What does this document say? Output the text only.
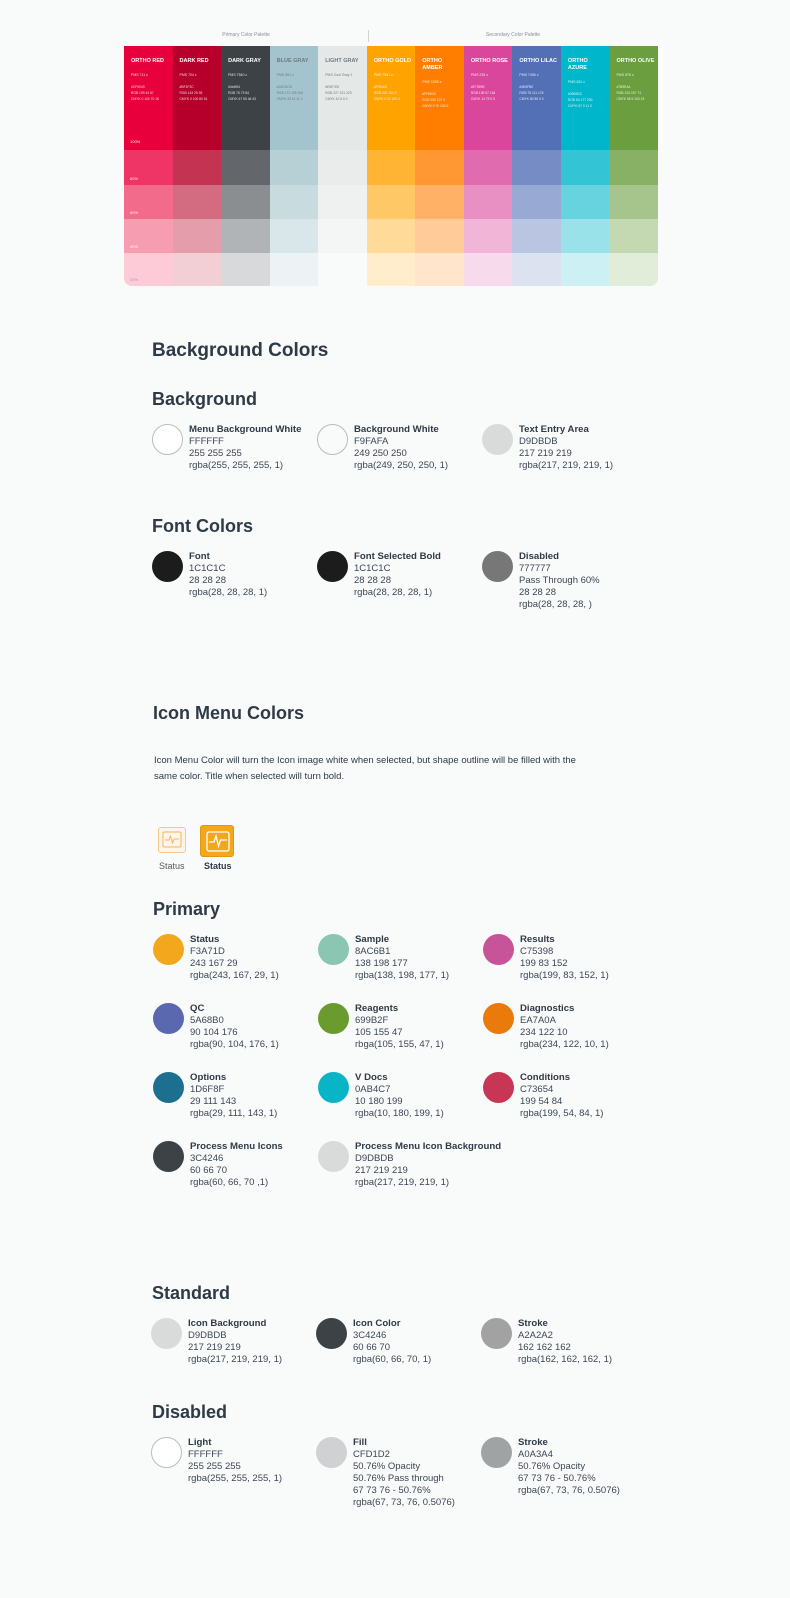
Primary Color Palette	Secondary Color Palette
ORTHO RED
PMS 711 c
#CF0043
RGB 199 44 67
CMYK 0 100 70 15
100%
80%
60%
40%
20%
DARK RED
PMS 704 c
#BF1F2C
RGB 143 25 35
CMYK 0 100 80 51
DARK GRAY
PMS 7540 c
#4b4f54
RGB 75 79 84
CMYK 67 55 46 43
BLUE GRAY
PMS 551 c
#ADC8CB
RGB 172 195 206
CMYK 33 14 11 0
LIGHT GRAY
PMS Cool Gray 1
#E5E7E6
RGB 227 231 229
CMYK 10 5 6 0
ORTHO GOLD
PMS 7551 c
#FFA000
RGB 252 162 0
CMYK 0 32 100 0
ORTHO AMBER
PMS 1585 c
#FF6E00
RGB 255 107 0
CMYK 0 70 100 0
ORTHO ROSE
PMS 239 c
#E7399B
RGB 199 57 164
CMYK 14 79 0 0
ORTHO LILAC
PMS 7455 c
#4E6FB0
RGB 78 111 176
CMYK 80 56 0 0
ORTHO AZURE
PMS 631 c
#00B5D0
RGB 60 177 200
CMYK 67 0 11 0
ORTHO OLIVE
PMS 576 c
#7B9E4A
RGB 120 157 74
CMYK 56 6 100 15
Background Colors
Background
Menu Background White
FFFFFF
255 255 255
rgba(255, 255, 255, 1)
Background White
F9FAFA
249 250 250
rgba(249, 250, 250, 1)
Text Entry Area
D9DBDB
217 219 219
rgba(217, 219, 219, 1)
Font Colors
Font
1C1C1C
28 28 28
rgba(28, 28, 28, 1)
Font Selected Bold
1C1C1C
28 28 28
rgba(28, 28, 28, 1)
Disabled
777777
Pass Through 60%
28 28 28
rgba(28, 28, 28, )
Icon Menu Colors
Icon Menu Color will turn the Icon image white when selected, but shape outline will be filled with the same color. Title when selected will turn bold.
Status Status
Primary
Status
F3A71D
243 167 29
rgba(243, 167, 29, 1)
Sample
8AC6B1
138 198 177
rgba(138, 198, 177, 1)
Results
C75398
199 83 152
rgba(199, 83, 152, 1)
QC
5A68B0
90 104 176
rgba(90, 104, 176, 1)
Reagents
699B2F
105 155 47
rbga(105, 155, 47, 1)
Diagnostics
EA7A0A
234 122 10
rgba(234, 122, 10, 1)
Options
1D6F8F
29 111 143
rgba(29, 111, 143, 1)
V Docs
0AB4C7
10 180 199
rgba(10, 180, 199, 1)
Conditions
C73654
199 54 84
rgba(199, 54, 84, 1)
Process Menu Icons
3C4246
60 66 70
rgba(60, 66, 70 ,1)
Process Menu Icon Background
D9DBDB
217 219 219
rgba(217, 219, 219, 1)
Standard
Icon Background
D9DBDB
217 219 219
rgba(217, 219, 219, 1)
Icon Color
3C4246
60 66 70
rgba(60, 66, 70, 1)
Stroke
A2A2A2
162 162 162
rgba(162, 162, 162, 1)
Disabled
Light
FFFFFF
255 255 255
rgba(255, 255, 255, 1)
Fill
CFD1D2
50.76% Opacity
50.76% Pass through
67 73 76 - 50.76%
rgba(67, 73, 76, 0.5076)
Stroke
A0A3A4
50.76% Opacity
67 73 76 - 50.76%
rgba(67, 73, 76, 0.5076)
